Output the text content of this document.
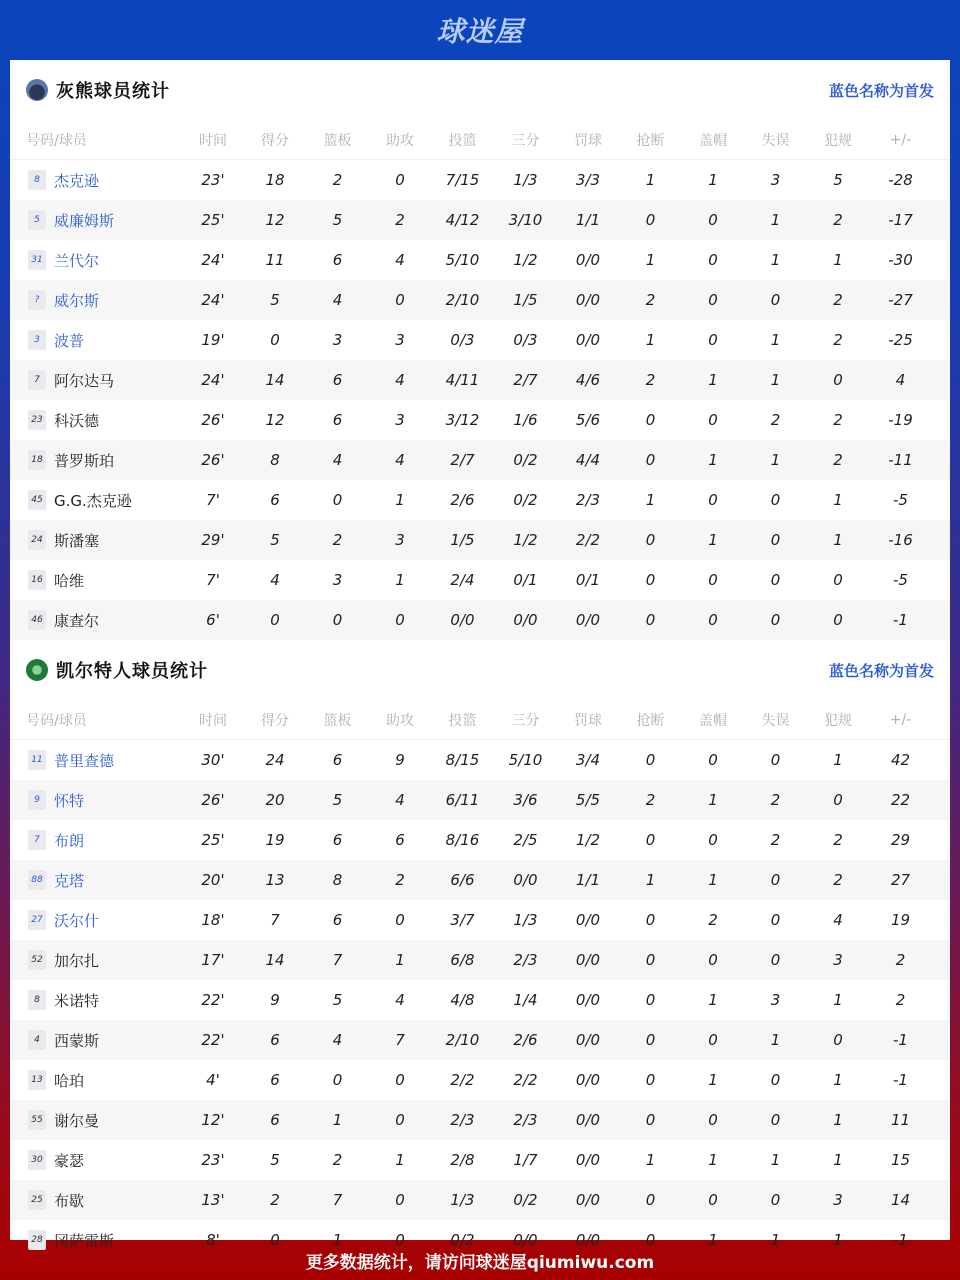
球迷屋
灰熊球员统计	蓝色名称为首发
号码/球员	时间	得分	篮板	助攻	投篮	三分	罚球	抢断	盖帽	失误	犯规	+/-
8 杰克逊	23'	18	2	0	7/15	1/3	3/3	1	1	3	5	-28
5 威廉姆斯	25'	12	5	2	4/12	3/10	1/1	0	0	1	2	-17
31 兰代尔	24'	11	6	4	5/10	1/2	0/0	1	0	1	1	-30
? 威尔斯	24'	5	4	0	2/10	1/5	0/0	2	0	0	2	-27
3 波普	19'	0	3	3	0/3	0/3	0/0	1	0	1	2	-25
7 阿尔达马	24'	14	6	4	4/11	2/7	4/6	2	1	1	0	4
23 科沃德	26'	12	6	3	3/12	1/6	5/6	0	0	2	2	-19
18 普罗斯珀	26'	8	4	4	2/7	0/2	4/4	0	1	1	2	-11
45 G.G.杰克逊	7'	6	0	1	2/6	0/2	2/3	1	0	0	1	-5
24 斯潘塞	29'	5	2	3	1/5	1/2	2/2	0	1	0	1	-16
16 哈维	7'	4	3	1	2/4	0/1	0/1	0	0	0	0	-5
46 康查尔	6'	0	0	0	0/0	0/0	0/0	0	0	0	0	-1
凯尔特人球员统计	蓝色名称为首发
号码/球员	时间	得分	篮板	助攻	投篮	三分	罚球	抢断	盖帽	失误	犯规	+/-
11 普里查德	30'	24	6	9	8/15	5/10	3/4	0	0	0	1	42
9 怀特	26'	20	5	4	6/11	3/6	5/5	2	1	2	0	22
7 布朗	25'	19	6	6	8/16	2/5	1/2	0	0	2	2	29
88 克塔	20'	13	8	2	6/6	0/0	1/1	1	1	0	2	27
27 沃尔什	18'	7	6	0	3/7	1/3	0/0	0	2	0	4	19
52 加尔扎	17'	14	7	1	6/8	2/3	0/0	0	0	0	3	2
8 米诺特	22'	9	5	4	4/8	1/4	0/0	0	1	3	1	2
4 西蒙斯	22'	6	4	7	2/10	2/6	0/0	0	0	1	0	-1
13 哈珀	4'	6	0	0	2/2	2/2	0/0	0	1	0	1	-1
55 谢尔曼	12'	6	1	0	2/3	2/3	0/0	0	0	0	1	11
30 豪瑟	23'	5	2	1	2/8	1/7	0/0	1	1	1	1	15
25 布歇	13'	2	7	0	1/3	0/2	0/0	0	0	0	3	14
28 冈萨雷斯	8'	0	1	0	0/2	0/0	0/0	0	1	1	1	-1
更多数据统计，请访问球迷屋qiumiwu.com
